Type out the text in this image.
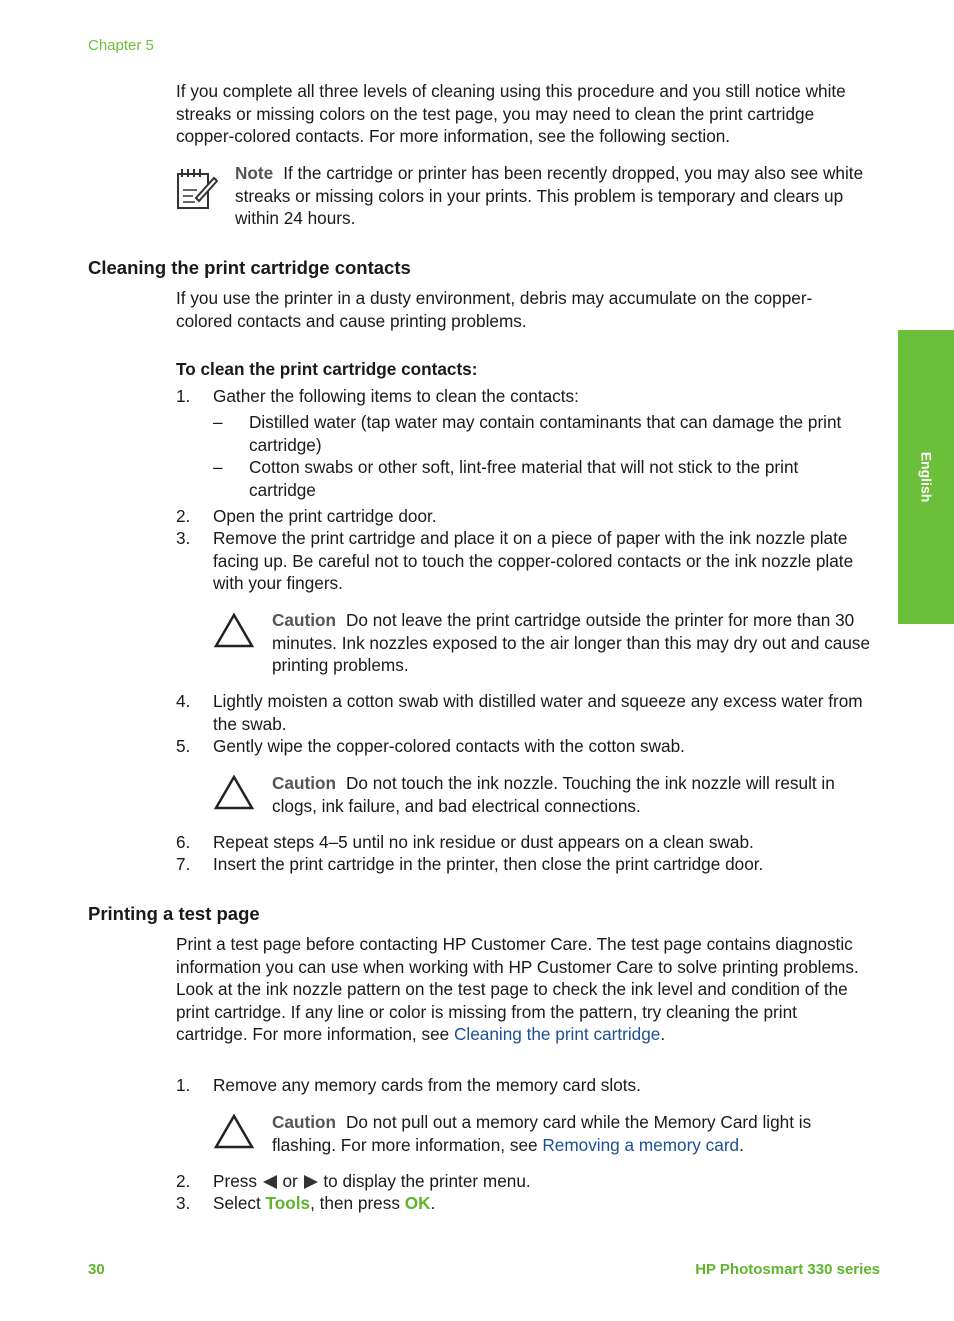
Chapter 5
English
If you complete all three levels of cleaning using this procedure and you still notice white streaks or missing colors on the test page, you may need to clean the print cartridge copper-colored contacts. For more information, see the following section.
Note If the cartridge or printer has been recently dropped, you may also see white streaks or missing colors in your prints. This problem is temporary and clears up within 24 hours.
Cleaning the print cartridge contacts
If you use the printer in a dusty environment, debris may accumulate on the copper-colored contacts and cause printing problems.
To clean the print cartridge contacts:
1. Gather the following items to clean the contacts:
– Distilled water (tap water may contain contaminants that can damage the print cartridge)
– Cotton swabs or other soft, lint-free material that will not stick to the print cartridge
2. Open the print cartridge door.
3. Remove the print cartridge and place it on a piece of paper with the ink nozzle plate facing up. Be careful not to touch the copper-colored contacts or the ink nozzle plate with your fingers.
Caution Do not leave the print cartridge outside the printer for more than 30 minutes. Ink nozzles exposed to the air longer than this may dry out and cause printing problems.
4. Lightly moisten a cotton swab with distilled water and squeeze any excess water from the swab.
5. Gently wipe the copper-colored contacts with the cotton swab.
Caution Do not touch the ink nozzle. Touching the ink nozzle will result in clogs, ink failure, and bad electrical connections.
6. Repeat steps 4–5 until no ink residue or dust appears on a clean swab.
7. Insert the print cartridge in the printer, then close the print cartridge door.
Printing a test page
Print a test page before contacting HP Customer Care. The test page contains diagnostic information you can use when working with HP Customer Care to solve printing problems. Look at the ink nozzle pattern on the test page to check the ink level and condition of the print cartridge. If any line or color is missing from the pattern, try cleaning the print cartridge. For more information, see Cleaning the print cartridge.
1. Remove any memory cards from the memory card slots.
Caution Do not pull out a memory card while the Memory Card light is flashing. For more information, see Removing a memory card.
2. Press  or  to display the printer menu.
3. Select Tools, then press OK.
30	HP Photosmart 330 series
